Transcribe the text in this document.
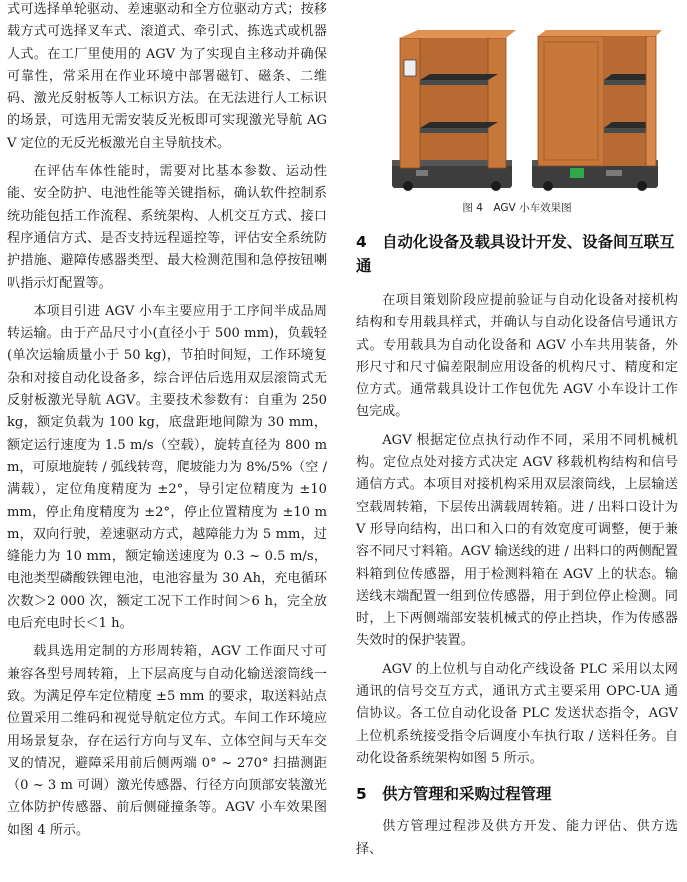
式可选择单轮驱动、差速驱动和全方位驱动方式；按移载方式可选择叉车式、滚道式、牵引式、拣选式或机器人式。在工厂里使用的 AGV 为了实现自主移动并确保可靠性，常采用在作业环境中部署磁钉、磁条、二维码、激光反射板等人工标识方法。在无法进行人工标识的场景，可选用无需安装反光板即可实现激光导航 AGV 定位的无反光板激光自主导航技术。

在评估车体性能时，需要对比基本参数、运动性能、安全防护、电池性能等关键指标，确认软件控制系统功能包括工作流程、系统架构、人机交互方式、接口程序通信方式、是否支持远程遥控等，评估安全系统防护措施、避障传感器类型、最大检测范围和急停按钮喇叭指示灯配置等。

本项目引进 AGV 小车主要应用于工序间半成品周转运输。由于产品尺寸小(直径小于 500 mm)，负载轻(单次运输质量小于 50 kg)，节拍时间短，工作环境复杂和对接自动化设备多，综合评估后选用双层滚筒式无反射板激光导航 AGV。主要技术参数有：自重为 250 kg，额定负载为 100 kg，底盘距地间隙为 30 mm，额定运行速度为 1.5 m/s（空载），旋转直径为 800 mm，可原地旋转 / 弧线转弯，爬坡能力为 8%/5%（空 / 满载），定位角度精度为 ±2°，导引定位精度为 ±10 mm，停止角度精度为 ±2°，停止位置精度为 ±10 mm，双向行驶，差速驱动方式，越障能力为 5 mm，过缝能力为 10 mm，额定输送速度为 0.3 ~ 0.5 m/s，电池类型磷酸铁锂电池，电池容量为 30 Ah，充电循环次数＞2 000 次，额定工况下工作时间＞6 h，完全放电后充电时长＜1 h。

载具选用定制的方形周转箱，AGV 工作面尺寸可兼容各型号周转箱，上下层高度与自动化输送滚筒线一致。为满足停车定位精度 ±5 mm 的要求，取送料站点位置采用二维码和视觉导航定位方式。车间工作环境应用场景复杂，存在运行方向与叉车、立体空间与天车交叉的情况，避障采用前后侧两端 0° ~ 270° 扫描测距（0 ~ 3 m 可调）激光传感器、行径方向顶部安装激光立体防护传感器、前后侧碰撞条等。AGV 小车效果图如图 4 所示。

图 4　AGV 小车效果图
4　自动化设备及载具设计开发、设备间互联互通

在项目策划阶段应提前验证与自动化设备对接机构结构和专用载具样式，并确认与自动化设备信号通讯方式。专用载具为自动化设备和 AGV 小车共用装备，外形尺寸和尺寸偏差限制应用设备的机构尺寸、精度和定位方式。通常载具设计工作包优先 AGV 小车设计工作包完成。

AGV 根据定位点执行动作不同，采用不同机械机构。定位点处对接方式决定 AGV 移载机构结构和信号通信方式。本项目对接机构采用双层滚筒线，上层输送空载周转箱，下层传出满载周转箱。进 / 出料口设计为 V 形导向结构，出口和入口的有效宽度可调整，便于兼容不同尺寸料箱。AGV 输送线的进 / 出料口的两侧配置料箱到位传感器，用于检测料箱在 AGV 上的状态。输送线末端配置一组到位传感器，用于到位停止检测。同时，上下两侧端部安装机械式的停止挡块，作为传感器失效时的保护装置。

AGV 的上位机与自动化产线设备 PLC 采用以太网通讯的信号交互方式，通讯方式主要采用 OPC-UA 通信协议。各工位自动化设备 PLC 发送状态指令，AGV 上位机系统接受指令后调度小车执行取 / 送料任务。自动化设备系统架构如图 5 所示。

5　供方管理和采购过程管理

供方管理过程涉及供方开发、能力评估、供方选择、
